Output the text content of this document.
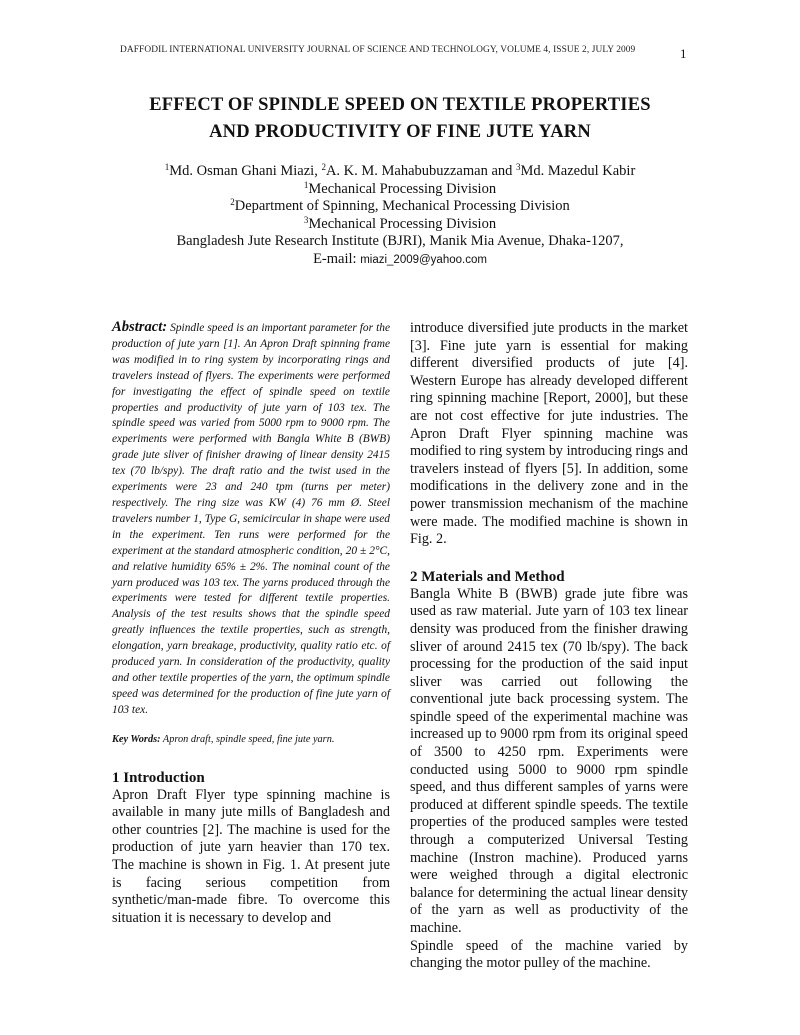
DAFFODIL INTERNATIONAL UNIVERSITY JOURNAL OF SCIENCE AND TECHNOLOGY, VOLUME 4, ISSUE 2, JULY 2009	1
EFFECT OF SPINDLE SPEED ON TEXTILE PROPERTIES
AND PRODUCTIVITY OF FINE JUTE YARN
$^1$Md. Osman Ghani Miazi, $^2$A. K. M. Mahabubuzzaman and $^3$Md. Mazedul Kabir
$^1$Mechanical Processing Division
$^2$Department of Spinning, Mechanical Processing Division
$^3$Mechanical Processing Division
Bangladesh Jute Research Institute (BJRI), Manik Mia Avenue, Dhaka-1207,
E-mail: miazi_2009@yahoo.com
Abstract: Spindle speed is an important parameter for the production of jute yarn [1]. An Apron Draft spinning frame was modified in to ring system by incorporating rings and travelers instead of flyers. The experiments were performed for investigating the effect of spindle speed on textile properties and productivity of jute yarn of 103 tex. The spindle speed was varied from 5000 rpm to 9000 rpm. The experiments were performed with Bangla White B (BWB) grade jute sliver of finisher drawing of linear density 2415 tex (70 lb/spy). The draft ratio and the twist used in the experiments were 23 and 240 tpm (turns per meter) respectively. The ring size was KW (4) 76 mm Ø. Steel travelers number 1, Type G, semicircular in shape were used in the experiment. Ten runs were performed for the experiment at the standard atmospheric condition, 20 ± 2°C, and relative humidity 65% ± 2%. The nominal count of the yarn produced was 103 tex. The yarns produced through the experiments were tested for different textile properties. Analysis of the test results shows that the spindle speed greatly influences the textile properties, such as strength, elongation, yarn breakage, productivity, quality ratio etc. of produced yarn. In consideration of the productivity, quality and other textile properties of the yarn, the optimum spindle speed was determined for the production of fine jute yarn of 103 tex.
Key Words: Apron draft, spindle speed, fine jute yarn.
1 Introduction

Apron Draft Flyer type spinning machine is available in many jute mills of Bangladesh and other countries [2]. The machine is used for the production of jute yarn heavier than 170 tex. The machine is shown in Fig. 1. At present jute is facing serious competition from synthetic/man-made fibre. To overcome this situation it is necessary to develop and

introduce diversified jute products in the market [3]. Fine jute yarn is essential for making different diversified products of jute [4]. Western Europe has already developed different ring spinning machine [Report, 2000], but these are not cost effective for jute industries. The Apron Draft Flyer spinning machine was modified to ring system by introducing rings and travelers instead of flyers [5]. In addition, some modifications in the delivery zone and in the power transmission mechanism of the machine were made. The modified machine is shown in Fig. 2.

2 Materials and Method

Bangla White B (BWB) grade jute fibre was used as raw material. Jute yarn of 103 tex linear density was produced from the finisher drawing sliver of around 2415 tex (70 lb/spy). The back processing for the production of the said input sliver was carried out following the conventional jute back processing system. The spindle speed of the experimental machine was increased up to 9000 rpm from its original speed of 3500 to 4250 rpm. Experiments were conducted using 5000 to 9000 rpm spindle speed, and thus different samples of yarns were produced at different spindle speeds. The textile properties of the produced samples were tested through a computerized Universal Testing machine (Instron machine). Produced yarns were weighed through a digital electronic balance for determining the actual linear density of the yarn as well as productivity of the machine.

Spindle speed of the machine varied by changing the motor pulley of the machine.
